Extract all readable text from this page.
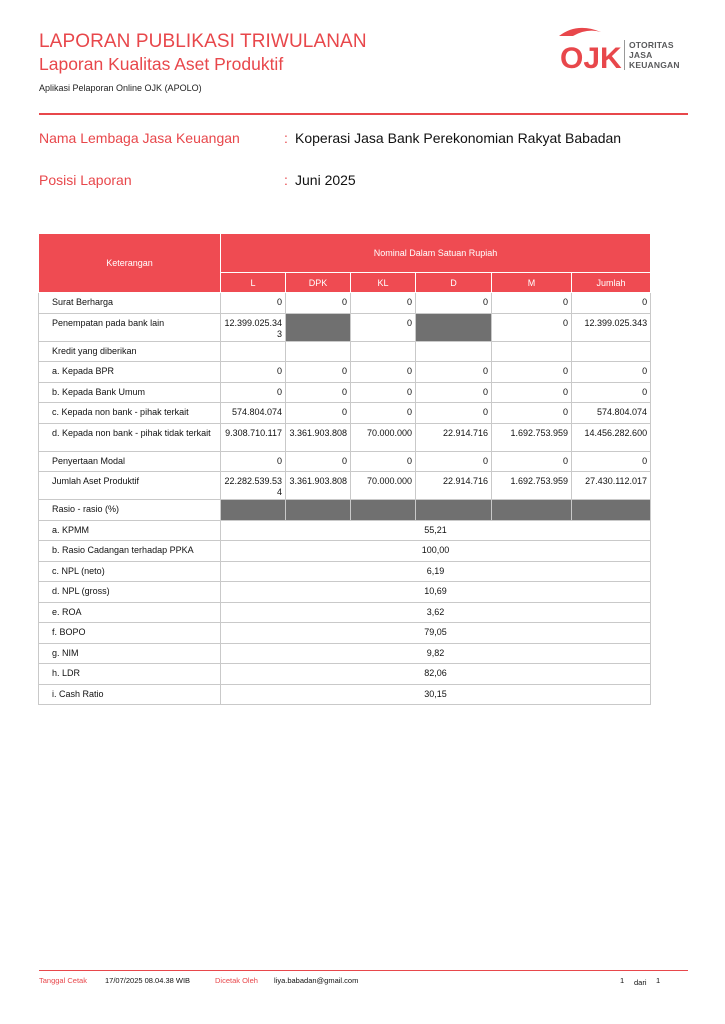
LAPORAN PUBLIKASI TRIWULANAN
Laporan Kualitas Aset Produktif
Aplikasi Pelaporan Online OJK (APOLO)
OJK OTORITAS
JASA
KEUANGAN
Nama Lembaga Jasa Keuangan	: Koperasi Jasa Bank Perekonomian Rakyat Babadan
Posisi Laporan	: Juni 2025
Keterangan	Nominal Dalam Satuan Rupiah					
	L	DPK	KL	D	M	Jumlah
Surat Berharga	0	0	0	0	0	0
Penempatan pada bank lain	12.399.025.343		0		0	12.399.025.343
Kredit yang diberikan						
a. Kepada BPR	0	0	0	0	0	0
b. Kepada Bank Umum	0	0	0	0	0	0
c. Kepada non bank - pihak terkait	574.804.074	0	0	0	0	574.804.074
d. Kepada non bank - pihak tidak terkait	9.308.710.117	3.361.903.808	70.000.000	22.914.716	1.692.753.959	14.456.282.600
Penyertaan Modal	0	0	0	0	0	0
Jumlah Aset Produktif	22.282.539.534	3.361.903.808	70.000.000	22.914.716	1.692.753.959	27.430.112.017
Rasio - rasio (%)						
a. KPMM	55,21					
b. Rasio Cadangan terhadap PPKA	100,00					
c. NPL (neto)	6,19					
d. NPL (gross)	10,69					
e. ROA	3,62					
f. BOPO	79,05					
g. NIM	9,82					
h. LDR	82,06					
i. Cash Ratio	30,15					
Tanggal Cetak 17/07/2025 08.04.38 WIB	Dicetak Oleh liya.babadan@gmail.com	1 dari 1
